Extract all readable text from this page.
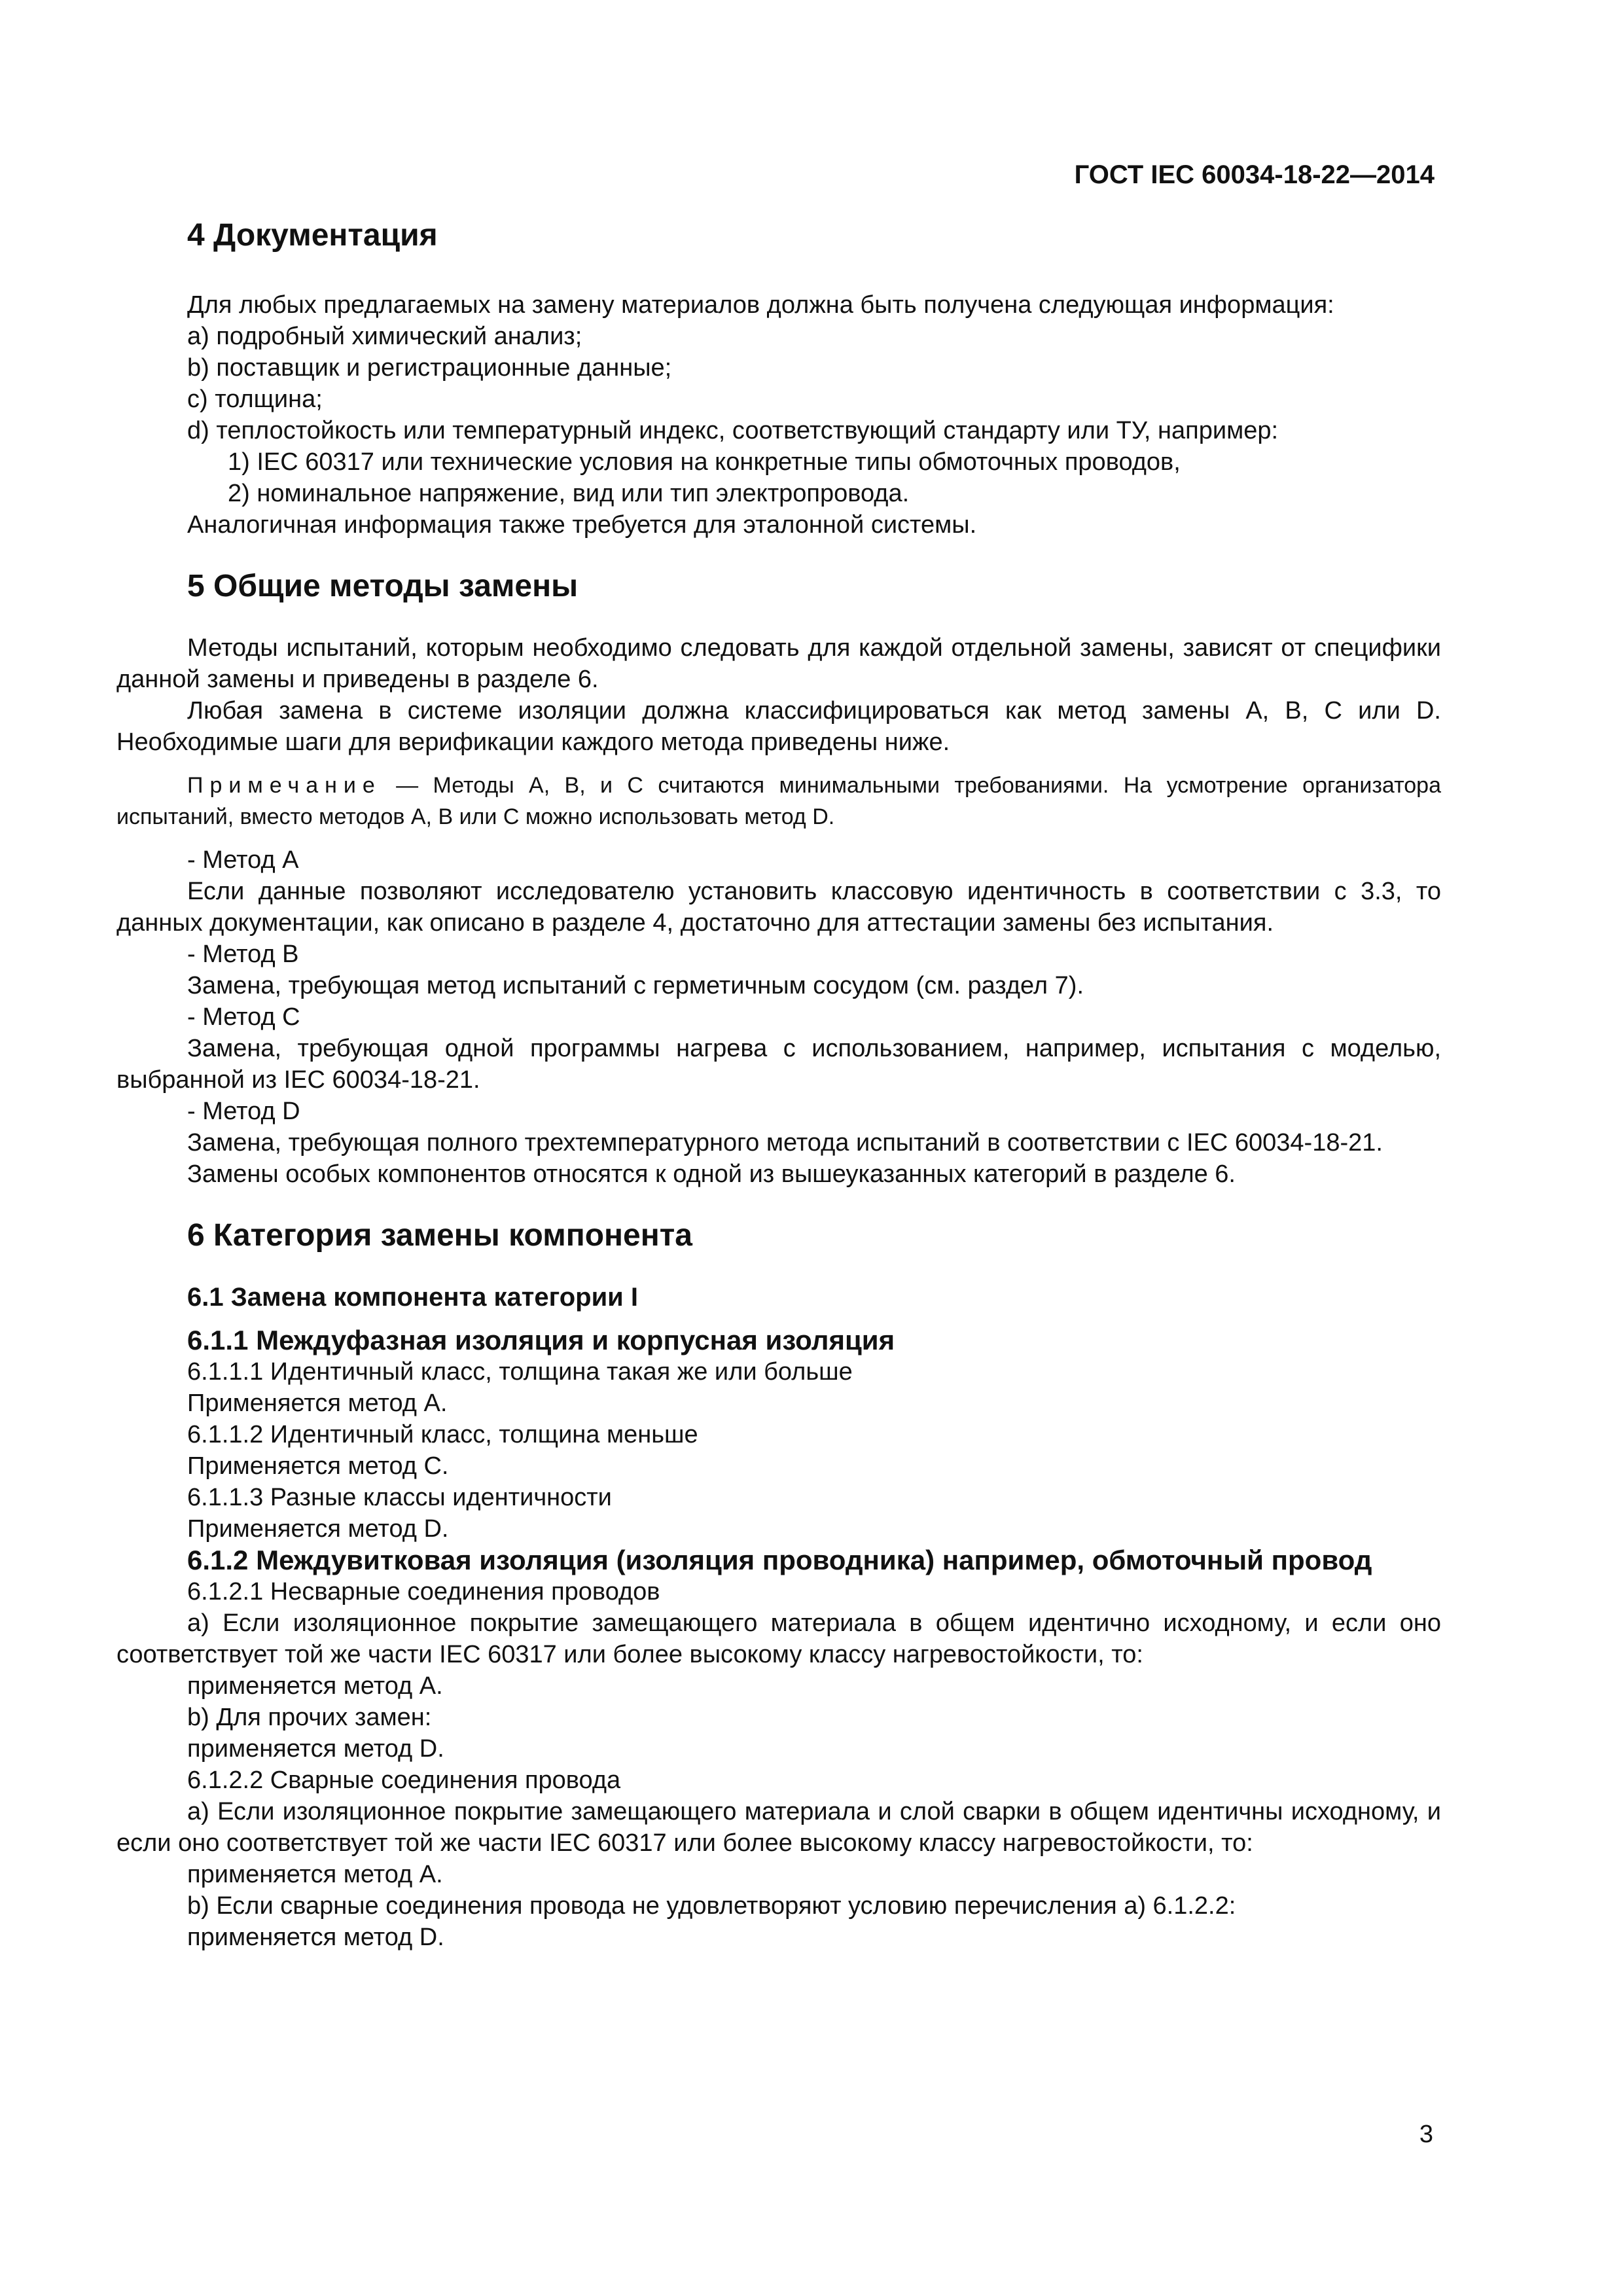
ГОСТ IEC 60034-18-22—2014
4 Документация
Для любых предлагаемых на замену материалов должна быть получена следующая информация:
a) подробный химический анализ;
b) поставщик и регистрационные данные;
c) толщина;
d) теплостойкость или температурный индекс, соответствующий стандарту или ТУ, например:
1) IEC 60317 или технические условия на конкретные типы обмоточных проводов,
2) номинальное напряжение, вид или тип электропровода.
Аналогичная информация также требуется для эталонной системы.
5 Общие методы замены

Методы испытаний, которым необходимо следовать для каждой отдельной замены, зависят от специфики данной замены и приведены в разделе 6.

Любая замена в системе изоляции должна классифицироваться как метод замены А, В, С или D. Необходимые шаги для верификации каждого метода приведены ниже.

Примечание — Методы А, В, и С считаются минимальными требованиями. На усмотрение организатора испытаний, вместо методов А, В или С можно использовать метод D.
- Метод А

Если данные позволяют исследователю установить классовую идентичность в соответствии с 3.3, то данных документации, как описано в разделе 4, достаточно для аттестации замены без испытания.

- Метод В

Замена, требующая метод испытаний с герметичным сосудом (см. раздел 7).

- Метод С

Замена, требующая одной программы нагрева с использованием, например, испытания с моделью, выбранной из IEC 60034-18-21.

- Метод D

Замена, требующая полного трехтемпературного метода испытаний в соответствии с IEC 60034-18-21.

Замены особых компонентов относятся к одной из вышеуказанных категорий в разделе 6.

6 Категория замены компонента
6.1 Замена компонента категории I
6.1.1 Междуфазная изоляция и корпусная изоляция
6.1.1.1 Идентичный класс, толщина такая же или больше
Применяется метод А.
6.1.1.2 Идентичный класс, толщина меньше
Применяется метод С.
6.1.1.3 Разные классы идентичности
Применяется метод D.
6.1.2 Междувитковая изоляция (изоляция проводника) например, обмоточный провод
6.1.2.1 Несварные соединения проводов

a) Если изоляционное покрытие замещающего материала в общем идентично исходному, и если оно соответствует той же части IEC 60317 или более высокому классу нагревостойкости, то:

применяется метод А.
b) Для прочих замен:
применяется метод D.
6.1.2.2 Сварные соединения провода

a) Если изоляционное покрытие замещающего материала и слой сварки в общем идентичны исходному, и если оно соответствует той же части IEC 60317 или более высокому классу нагревостойкости, то:

применяется метод А.
b) Если сварные соединения провода не удовлетворяют условию перечисления а) 6.1.2.2:
применяется метод D.
3
